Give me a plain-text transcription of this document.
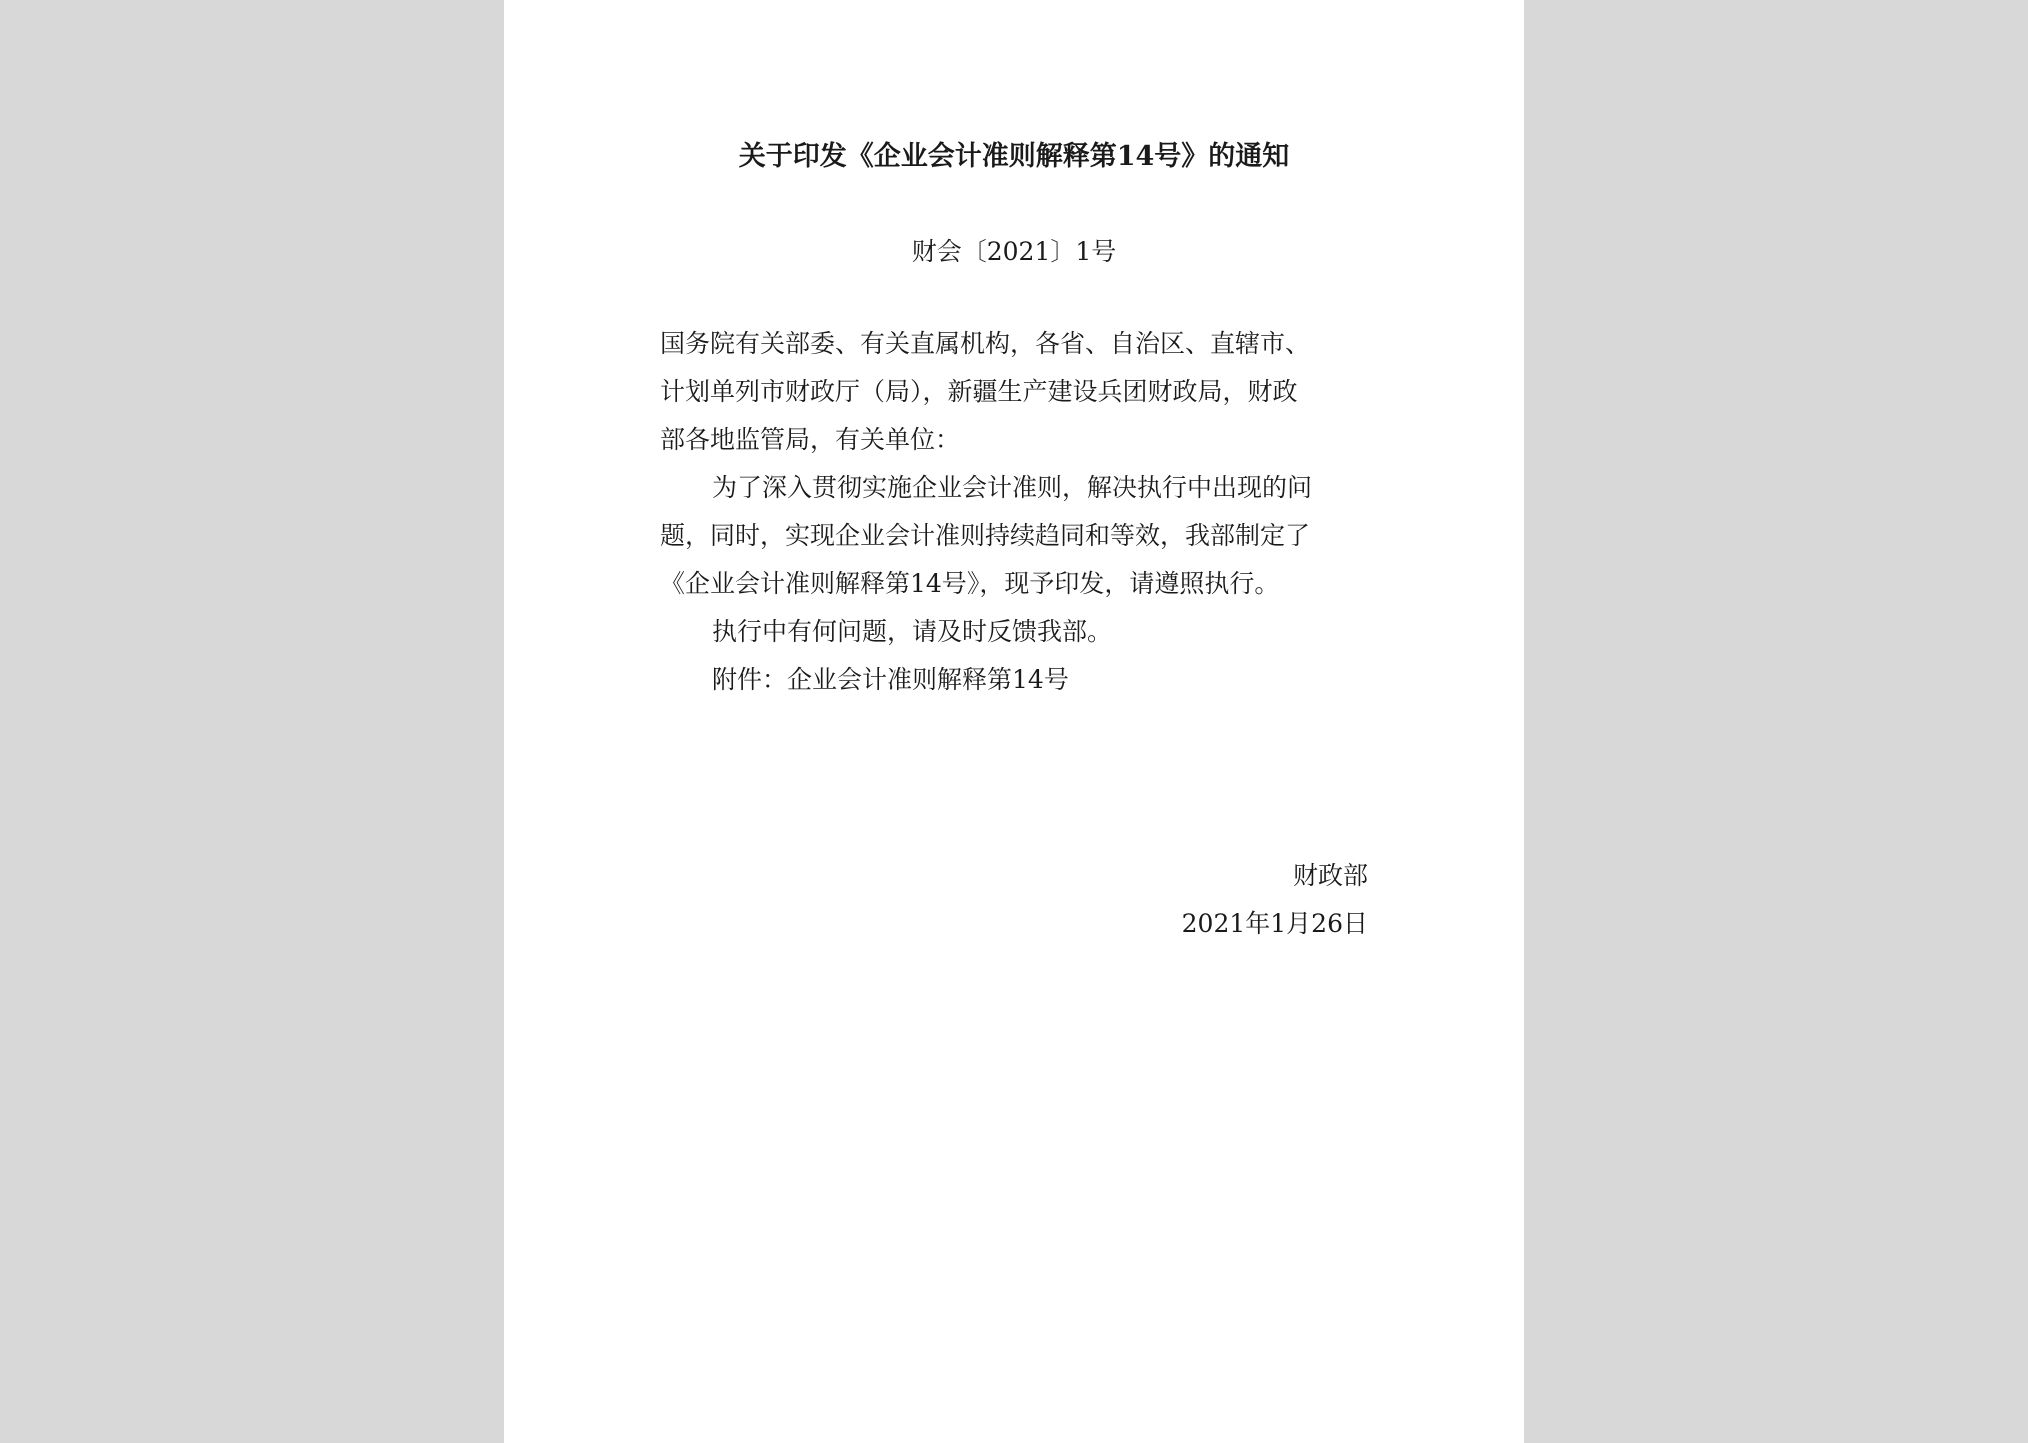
关于印发《企业会计准则解释第14号》的通知
财会〔2021〕1号
国务院有关部委、有关直属机构，各省、自治区、直辖市、
计划单列市财政厅（局），新疆生产建设兵团财政局，财政
部各地监管局，有关单位：
为了深入贯彻实施企业会计准则，解决执行中出现的问
题，同时，实现企业会计准则持续趋同和等效，我部制定了
《企业会计准则解释第14号》，现予印发，请遵照执行。
执行中有何问题，请及时反馈我部。
附件：企业会计准则解释第14号
财政部
2021年1月26日
